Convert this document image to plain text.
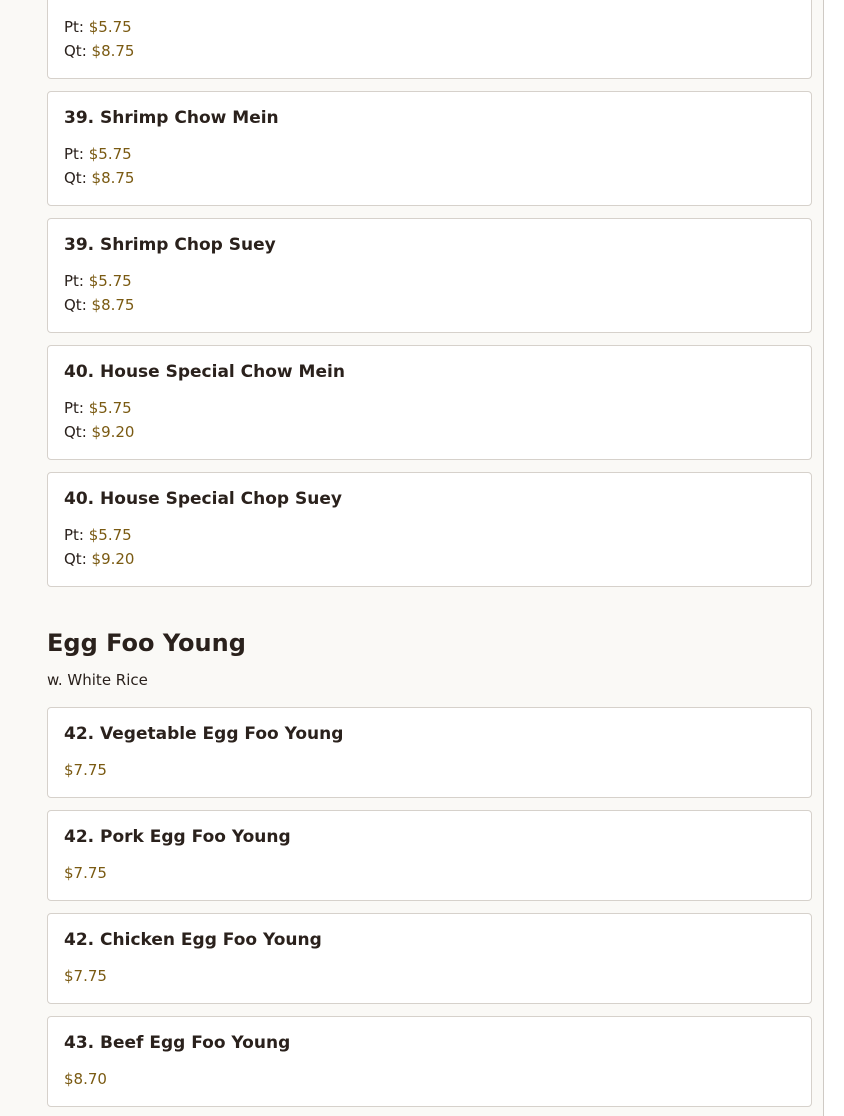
Pt: $5.75
Qt: $8.75
39. Shrimp Chow Mein
Pt: $5.75
Qt: $8.75
39. Shrimp Chop Suey
Pt: $5.75
Qt: $8.75
40. House Special Chow Mein
Pt: $5.75
Qt: $9.20
40. House Special Chop Suey
Pt: $5.75
Qt: $9.20
Egg Foo Young
w. White Rice
42. Vegetable Egg Foo Young
$7.75
42. Pork Egg Foo Young
$7.75
42. Chicken Egg Foo Young
$7.75
43. Beef Egg Foo Young
$8.70
